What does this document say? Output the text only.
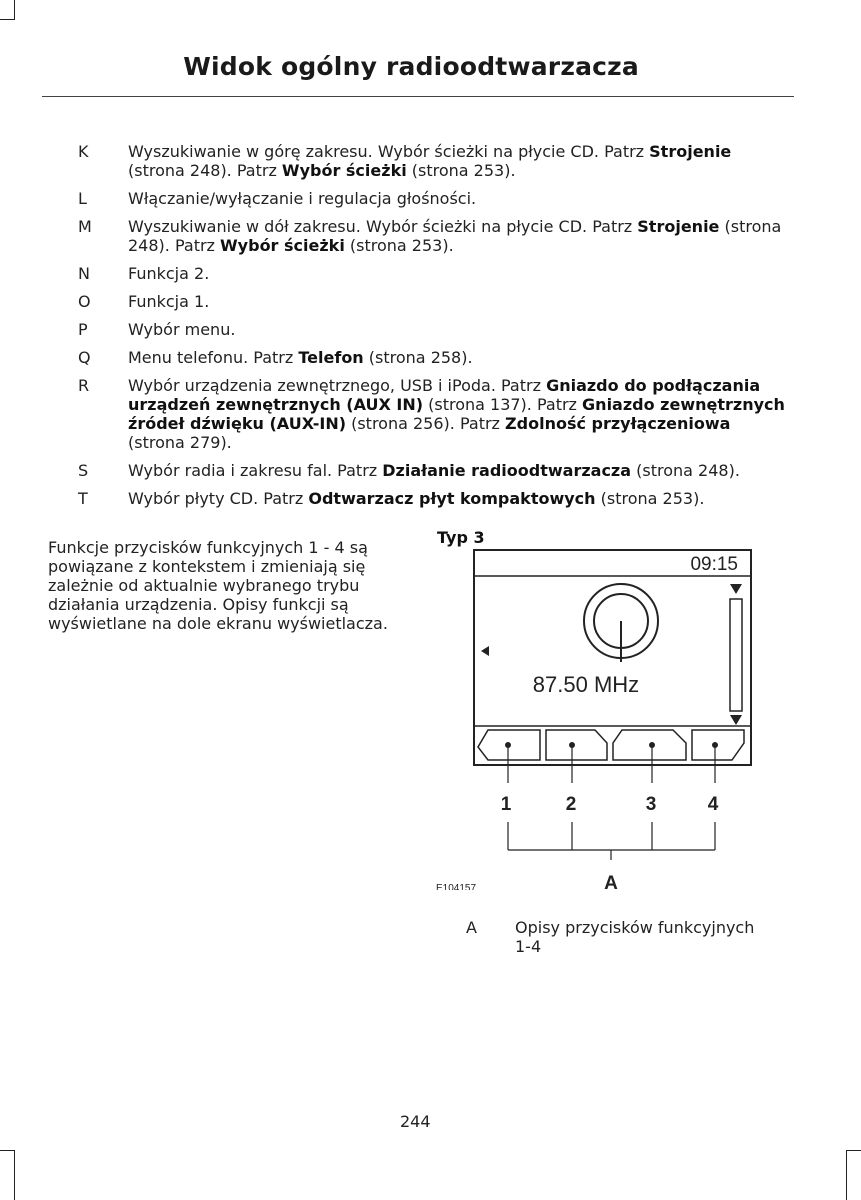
Widok ogólny radioodtwarzacza
K	Wyszukiwanie w górę zakresu. Wybór ścieżki na płycie CD. Patrz Strojenie (strona 248). Patrz Wybór ścieżki (strona 253).
L	Włączanie/wyłączanie i regulacja głośności.
M	Wyszukiwanie w dół zakresu. Wybór ścieżki na płycie CD. Patrz Strojenie (strona 248). Patrz Wybór ścieżki (strona 253).
N	Funkcja 2.
O	Funkcja 1.
P	Wybór menu.
Q	Menu telefonu. Patrz Telefon (strona 258).
R	Wybór urządzenia zewnętrznego, USB i iPoda. Patrz Gniazdo do podłączania urządzeń zewnętrznych (AUX IN) (strona 137). Patrz Gniazdo zewnętrznych źródeł dźwięku (AUX-IN) (strona 256). Patrz Zdolność przyłączeniowa (strona 279).
S	Wybór radia i zakresu fal. Patrz Działanie radioodtwarzacza (strona 248).
T	Wybór płyty CD. Patrz Odtwarzacz płyt kompaktowych (strona 253).
Funkcje przycisków funkcyjnych 1 - 4 są powiązane z kontekstem i zmieniają się zależnie od aktualnie wybranego trybu działania urządzenia. Opisy funkcji są wyświetlane na dole ekranu wyświetlacza.
Typ 3
09:15
87.50 MHz
1	2	3	4
A
E104157
A Opisy przycisków funkcyjnych 1-4
244
